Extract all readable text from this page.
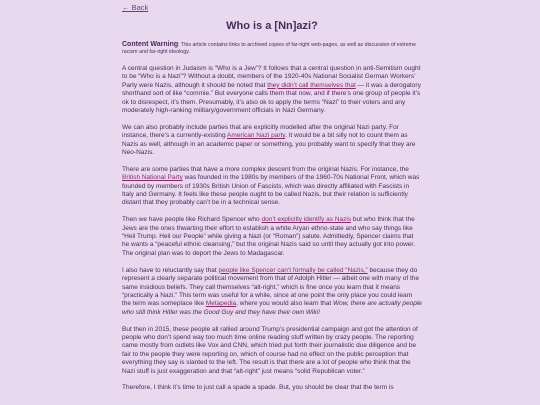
← Back
Who is a [Nn]azi?
Content Warning: This article contains links to archived copies of far-right web-pages, as well as discussion of extreme racism and far-right ideology.

A central question in Judaism is “Who is a Jew”? It follows that a central question in anti-Semitism ought to be “Who is a Nazi”? Without a doubt, members of the 1920-40s National Socialist German Workers’ Party were Nazis, although it should be noted that they didn’t call themselves that — it was a derogatory shorthand sort of like “commie.” But everyone calls them that now, and if there’s one group of people it’s ok to disrespect, it’s them. Presumably, it’s also ok to apply the terms “Nazi” to their voters and any moderately high-ranking military/government officials in Nazi Germany.

We can also probably include parties that are explicitly modelled after the original Nazi party. For instance, there’s a currently-existing American Nazi party. It would be a bit silly not to count them as Nazis as well, although in an academic paper or something, you probably want to specify that they are Neo-Nazis.

There are some parties that have a more complex descent from the original Nazis. For instance, the British National Party was founded in the 1980s by members of the 1960-70s National Front, which was founded by members of 1930s British Union of Fascists, which was directly affiliated with Fascists in Italy and Germany. It feels like these people ought to be called Nazis, but their relation is sufficiently distant that they probably can’t be in a technical sense.

Then we have people like Richard Spencer who don’t explicitly identify as Nazis but who think that the Jews are the ones thwarting their effort to establish a white Aryan ethno-state and who say things like “Heil Trump. Heil our People” while giving a Nazi (or “Roman”) salute. Admittedly, Spencer claims that he wants a “peaceful ethnic cleansing,” but the original Nazis said so until they actually got into power. The original plan was to deport the Jews to Madagascar.

I also have to reluctantly say that people like Spencer can’t formally be called “Nazis,” because they do represent a clearly separate political movement from that of Adolph Hitler — albeit one with many of the same insidious beliefs. They call themselves “alt-right,” which is fine once you learn that it means “practically a Nazi.” This term was useful for a while, since at one point the only place you could learn the term was someplace like Metapedia, where you would also learn that Wow, there are actually people who still think Hitler was the Good Guy and they have their own Wiki!

But then in 2015, these people all rallied around Trump’s presidential campaign and got the attention of people who don’t spend way too much time online reading stuff written by crazy people. The reporting came mostly from outlets like Vox and CNN, which tried put forth their journalistic due diligence and be fair to the people they were reporting on, which of course had no effect on the public perception that everything they say is slanted to the left. The result is that there are a lot of people who think that the Nazi stuff is just exaggeration and that “alt-right” just means “solid Republican voter.”

Therefore, I think it’s time to just call a spade a spade. But, you should be clear that the term is
